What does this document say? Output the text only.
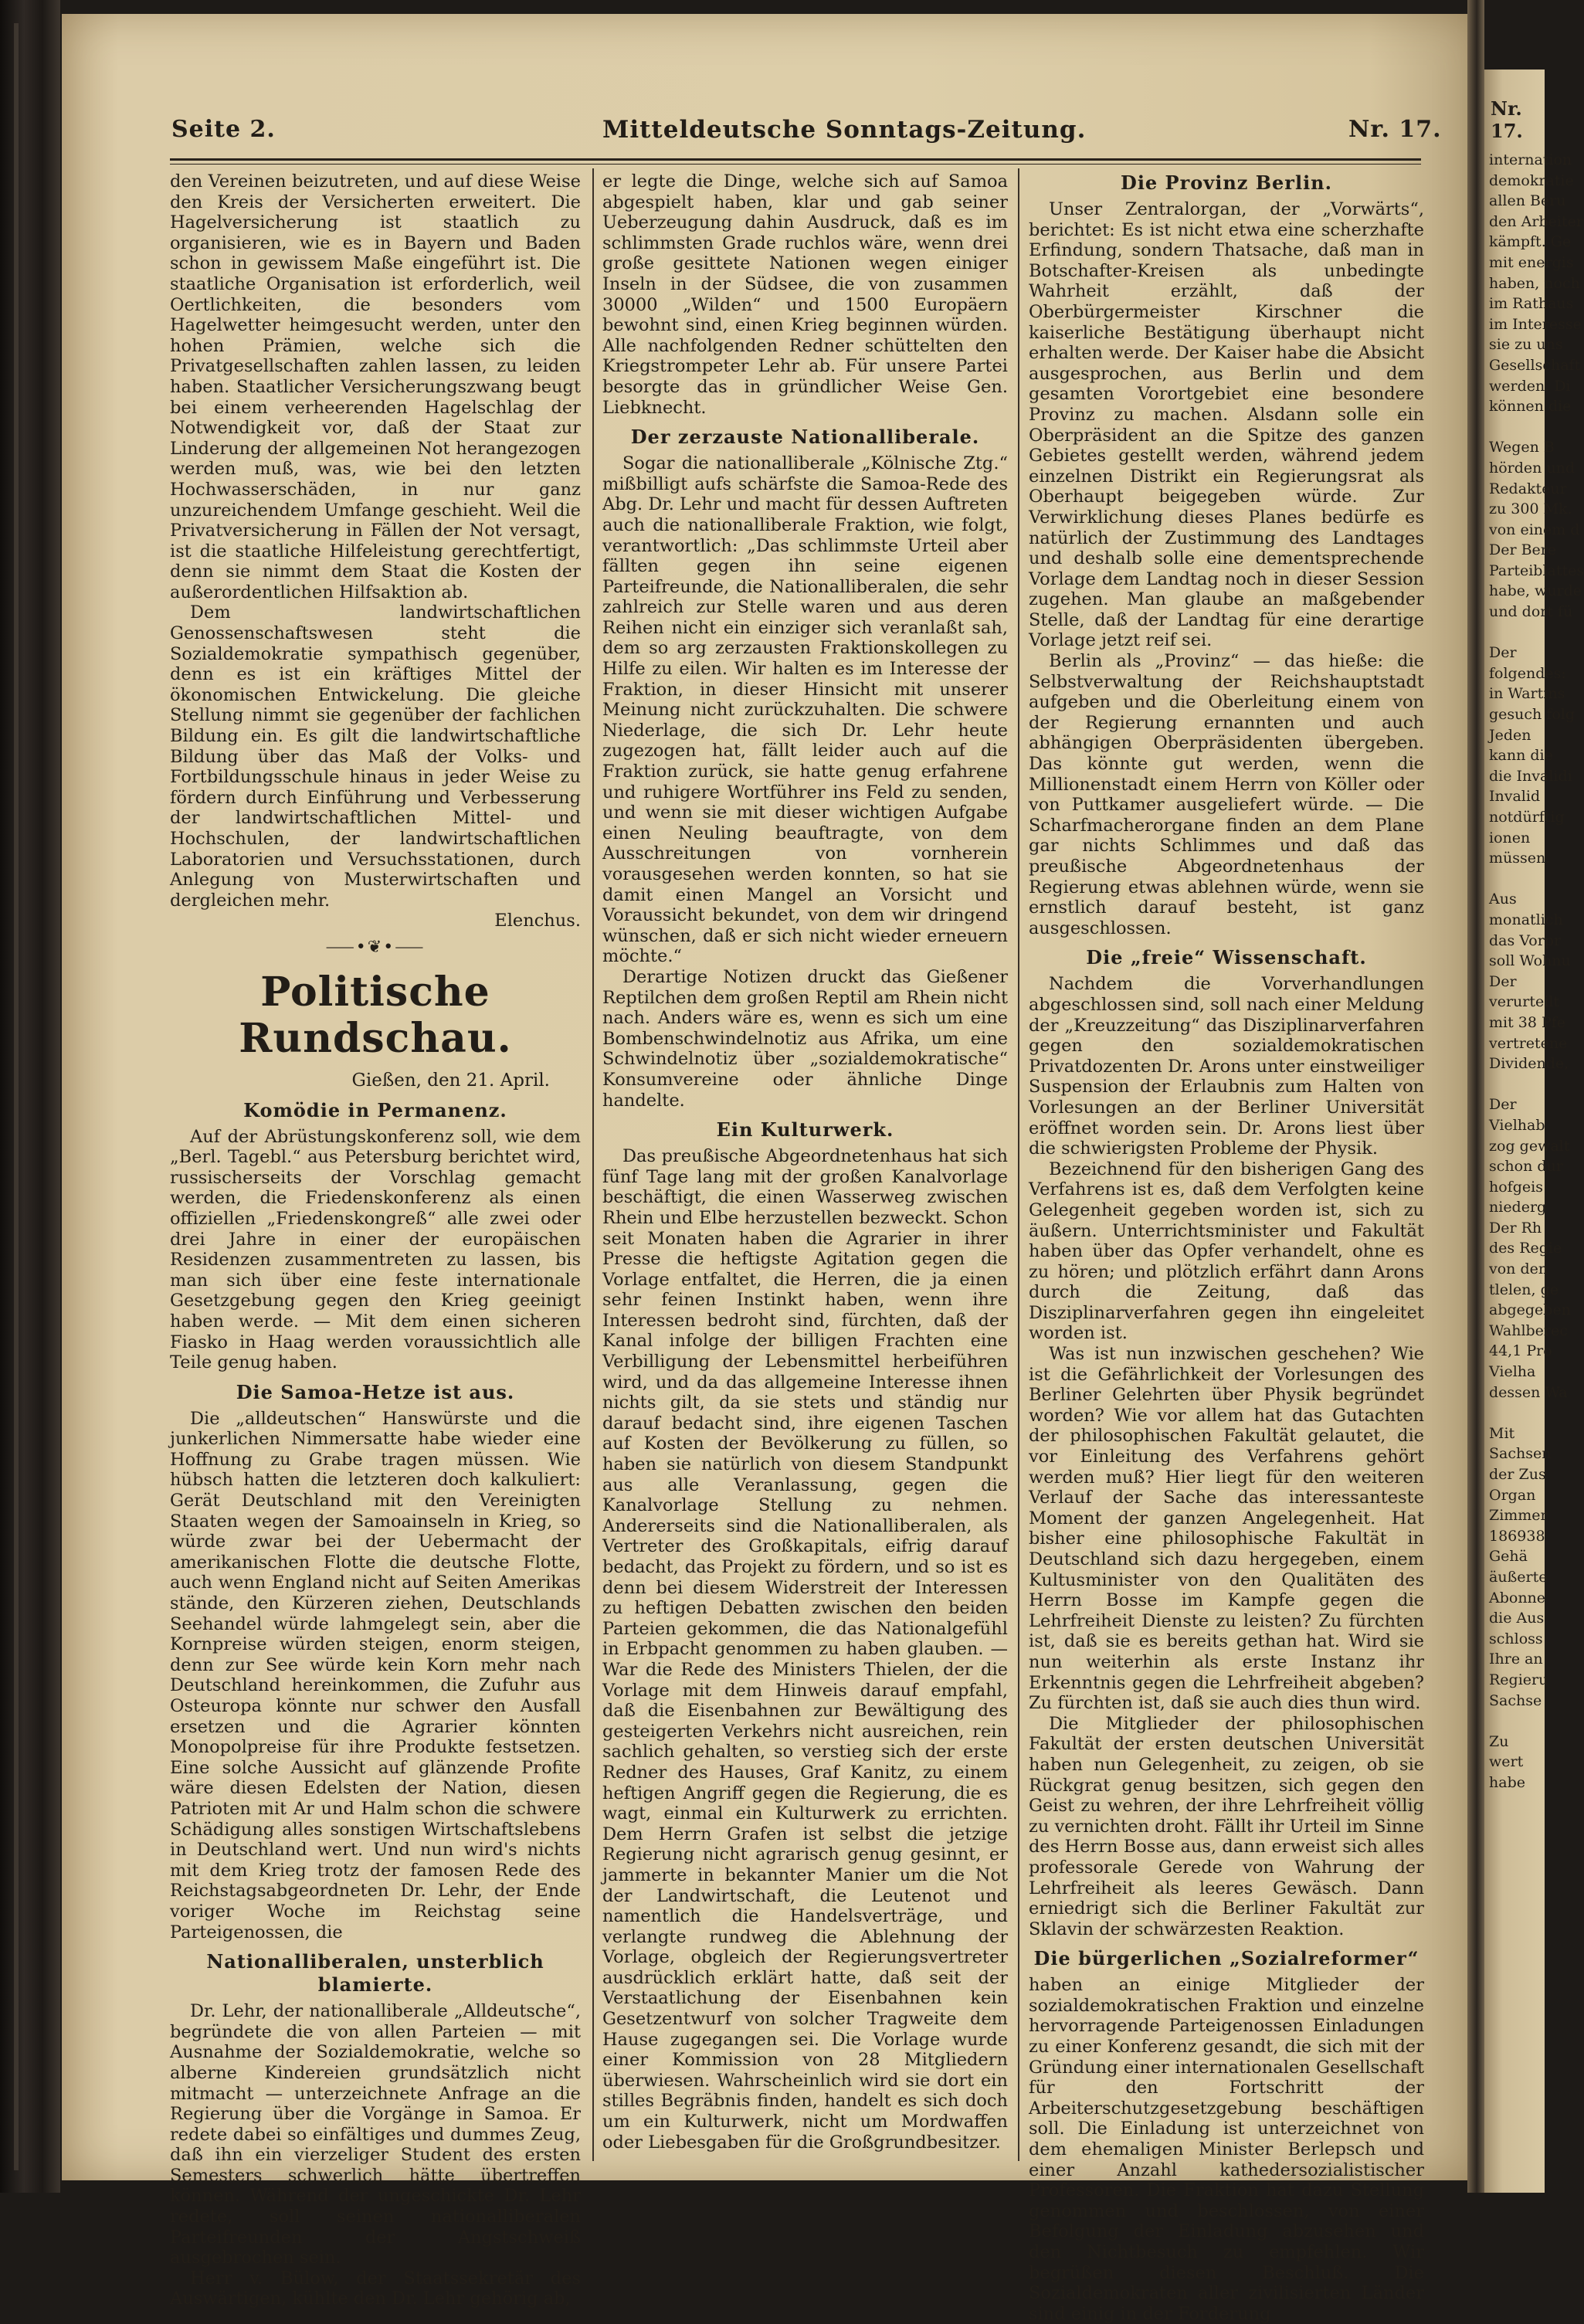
Seite 2.	Mitteldeutsche Sonntags-Zeitung.	Nr. 17.

den Vereinen beizutreten, und auf diese Weise den Kreis der Versicherten erweitert. Die Hagelversicherung ist staatlich zu organisieren, wie es in Bayern und Baden schon in gewissem Maße eingeführt ist. Die staatliche Organisation ist erforderlich, weil Oertlichkeiten, die besonders vom Hagelwetter heimgesucht werden, unter den hohen Prämien, welche sich die Privatgesellschaften zahlen lassen, zu leiden haben. Staatlicher Versicherungszwang beugt bei einem verheerenden Hagelschlag der Notwendigkeit vor, daß der Staat zur Linderung der allgemeinen Not herangezogen werden muß, was, wie bei den letzten Hochwasserschäden, in nur ganz unzureichendem Umfange geschieht. Weil die Privatversicherung in Fällen der Not versagt, ist die staatliche Hilfeleistung gerechtfertigt, denn sie nimmt dem Staat die Kosten der außerordentlichen Hilfsaktion ab.

Dem landwirtschaftlichen Genossenschaftswesen steht die Sozialdemokratie sympathisch gegenüber, denn es ist ein kräftiges Mittel der ökonomischen Entwickelung. Die gleiche Stellung nimmt sie gegenüber der fachlichen Bildung ein. Es gilt die landwirtschaftliche Bildung über das Maß der Volks- und Fortbildungsschule hinaus in jeder Weise zu fördern durch Einführung und Verbesserung der landwirtschaftlichen Mittel- und Hochschulen, der landwirtschaftlichen Laboratorien und Versuchsstationen, durch Anlegung von Musterwirtschaften und dergleichen mehr.

Elenchus.
⸺•❦•⸺
Politische Rundschau.
Gießen, den 21. April.
Komödie in Permanenz.

Auf der Abrüstungskonferenz soll, wie dem „Berl. Tagebl.“ aus Petersburg berichtet wird, russischerseits der Vorschlag gemacht werden, die Friedenskonferenz als einen offiziellen „Friedenskongreß“ alle zwei oder drei Jahre in einer der europäischen Residenzen zusammentreten zu lassen, bis man sich über eine feste internationale Gesetzgebung gegen den Krieg geeinigt haben werde. — Mit dem einen sicheren Fiasko in Haag werden voraussichtlich alle Teile genug haben.

Die Samoa-Hetze ist aus.

Die „alldeutschen“ Hanswürste und die junkerlichen Nimmersatte habe wieder eine Hoffnung zu Grabe tragen müssen. Wie hübsch hatten die letzteren doch kalkuliert: Gerät Deutschland mit den Vereinigten Staaten wegen der Samoainseln in Krieg, so würde zwar bei der Uebermacht der amerikanischen Flotte die deutsche Flotte, auch wenn England nicht auf Seiten Amerikas stände, den Kürzeren ziehen, Deutschlands Seehandel würde lahmgelegt sein, aber die Kornpreise würden steigen, enorm steigen, denn zur See würde kein Korn mehr nach Deutschland hereinkommen, die Zufuhr aus Osteuropa könnte nur schwer den Ausfall ersetzen und die Agrarier könnten Monopolpreise für ihre Produkte festsetzen. Eine solche Aussicht auf glänzende Profite wäre diesen Edelsten der Nation, diesen Patrioten mit Ar und Halm schon die schwere Schädigung alles sonstigen Wirtschaftslebens in Deutschland wert. Und nun wird's nichts mit dem Krieg trotz der famosen Rede des Reichstagsabgeordneten Dr. Lehr, der Ende voriger Woche im Reichstag seine Parteigenossen, die

Nationalliberalen, unsterblich blamierte.

Dr. Lehr, der nationalliberale „Alldeutsche“, begründete die von allen Parteien — mit Ausnahme der Sozialdemokratie, welche so alberne Kindereien grundsätzlich nicht mitmacht — unterzeichnete Anfrage an die Regierung über die Vorgänge in Samoa. Er redete dabei so einfältiges und dummes Zeug, daß ihn ein vierzeliger Student des ersten Semesters schwerlich hätte übertreffen können. Während der ungeschickte Dr. Lehr redete, soll seinen nationalliberalen Parteifreunden der Angstschweiß ausgebrochen sein.

Herr v. Bülow, der Staatssekretär des Auswärtigen, kühlte den Dr. Lehr gehörig ab,

er legte die Dinge, welche sich auf Samoa abgespielt haben, klar und gab seiner Ueberzeugung dahin Ausdruck, daß es im schlimmsten Grade ruchlos wäre, wenn drei große gesittete Nationen wegen einiger Inseln in der Südsee, die von zusammen 30000 „Wilden“ und 1500 Europäern bewohnt sind, einen Krieg beginnen würden. Alle nachfolgenden Redner schüttelten den Kriegstrompeter Lehr ab. Für unsere Partei besorgte das in gründlicher Weise Gen. Liebknecht.

Der zerzauste Nationalliberale.

Sogar die nationalliberale „Kölnische Ztg.“ mißbilligt aufs schärfste die Samoa-Rede des Abg. Dr. Lehr und macht für dessen Auftreten auch die nationalliberale Fraktion, wie folgt, verantwortlich: „Das schlimmste Urteil aber fällten gegen ihn seine eigenen Parteifreunde, die Nationalliberalen, die sehr zahlreich zur Stelle waren und aus deren Reihen nicht ein einziger sich veranlaßt sah, dem so arg zerzausten Fraktionskollegen zu Hilfe zu eilen. Wir halten es im Interesse der Fraktion, in dieser Hinsicht mit unserer Meinung nicht zurückzuhalten. Die schwere Niederlage, die sich Dr. Lehr heute zugezogen hat, fällt leider auch auf die Fraktion zurück, sie hatte genug erfahrene und ruhigere Wortführer ins Feld zu senden, und wenn sie mit dieser wichtigen Aufgabe einen Neuling beauftragte, von dem Ausschreitungen von vornherein vorausgesehen werden konnten, so hat sie damit einen Mangel an Vorsicht und Voraussicht bekundet, von dem wir dringend wünschen, daß er sich nicht wieder erneuern möchte.“

Derartige Notizen druckt das Gießener Reptilchen dem großen Reptil am Rhein nicht nach. Anders wäre es, wenn es sich um eine Bombenschwindelnotiz aus Afrika, um eine Schwindelnotiz über „sozialdemokratische“ Konsumvereine oder ähnliche Dinge handelte.

Ein Kulturwerk.

Das preußische Abgeordnetenhaus hat sich fünf Tage lang mit der großen Kanalvorlage beschäftigt, die einen Wasserweg zwischen Rhein und Elbe herzustellen bezweckt. Schon seit Monaten haben die Agrarier in ihrer Presse die heftigste Agitation gegen die Vorlage entfaltet, die Herren, die ja einen sehr feinen Instinkt haben, wenn ihre Interessen bedroht sind, fürchten, daß der Kanal infolge der billigen Frachten eine Verbilligung der Lebensmittel herbeiführen wird, und da das allgemeine Interesse ihnen nichts gilt, da sie stets und ständig nur darauf bedacht sind, ihre eigenen Taschen auf Kosten der Bevölkerung zu füllen, so haben sie natürlich von diesem Standpunkt aus alle Veranlassung, gegen die Kanalvorlage Stellung zu nehmen. Andererseits sind die Nationalliberalen, als Vertreter des Großkapitals, eifrig darauf bedacht, das Projekt zu fördern, und so ist es denn bei diesem Widerstreit der Interessen zu heftigen Debatten zwischen den beiden Parteien gekommen, die das Nationalgefühl in Erbpacht genommen zu haben glauben. — War die Rede des Ministers Thielen, der die Vorlage mit dem Hinweis darauf empfahl, daß die Eisenbahnen zur Bewältigung des gesteigerten Verkehrs nicht ausreichen, rein sachlich gehalten, so verstieg sich der erste Redner des Hauses, Graf Kanitz, zu einem heftigen Angriff gegen die Regierung, die es wagt, einmal ein Kulturwerk zu errichten. Dem Herrn Grafen ist selbst die jetzige Regierung nicht agrarisch genug gesinnt, er jammerte in bekannter Manier um die Not der Landwirtschaft, die Leutenot und namentlich die Handelsverträge, und verlangte rundweg die Ablehnung der Vorlage, obgleich der Regierungsvertreter ausdrücklich erklärt hatte, daß seit der Verstaatlichung der Eisenbahnen kein Gesetzentwurf von solcher Tragweite dem Hause zugegangen sei. Die Vorlage wurde einer Kommission von 28 Mitgliedern überwiesen. Wahrscheinlich wird sie dort ein stilles Begräbnis finden, handelt es sich doch um ein Kulturwerk, nicht um Mordwaffen oder Liebesgaben für die Großgrundbesitzer.

Die Provinz Berlin.

Unser Zentralorgan, der „Vorwärts“, berichtet: Es ist nicht etwa eine scherzhafte Erfindung, sondern Thatsache, daß man in Botschafter-Kreisen als unbedingte Wahrheit erzählt, daß der Oberbürgermeister Kirschner die kaiserliche Bestätigung überhaupt nicht erhalten werde. Der Kaiser habe die Absicht ausgesprochen, aus Berlin und dem gesamten Vorortgebiet eine besondere Provinz zu machen. Alsdann solle ein Oberpräsident an die Spitze des ganzen Gebietes gestellt werden, während jedem einzelnen Distrikt ein Regierungsrat als Oberhaupt beigegeben würde. Zur Verwirklichung dieses Planes bedürfe es natürlich der Zustimmung des Landtages und deshalb solle eine dementsprechende Vorlage dem Landtag noch in dieser Session zugehen. Man glaube an maßgebender Stelle, daß der Landtag für eine derartige Vorlage jetzt reif sei.

Berlin als „Provinz“ — das hieße: die Selbstverwaltung der Reichshauptstadt aufgeben und die Oberleitung einem von der Regierung ernannten und auch abhängigen Oberpräsidenten übergeben. Das könnte gut werden, wenn die Millionenstadt einem Herrn von Köller oder von Puttkamer ausgeliefert würde. — Die Scharfmacherorgane finden an dem Plane gar nichts Schlimmes und daß das preußische Abgeordnetenhaus der Regierung etwas ablehnen würde, wenn sie ernstlich darauf besteht, ist ganz ausgeschlossen.

Die „freie“ Wissenschaft.

Nachdem die Vorverhandlungen abgeschlossen sind, soll nach einer Meldung der „Kreuzzeitung“ das Disziplinarverfahren gegen den sozialdemokratischen Privatdozenten Dr. Arons unter einstweiliger Suspension der Erlaubnis zum Halten von Vorlesungen an der Berliner Universität eröffnet worden sein. Dr. Arons liest über die schwierigsten Probleme der Physik.

Bezeichnend für den bisherigen Gang des Verfahrens ist es, daß dem Verfolgten keine Gelegenheit gegeben worden ist, sich zu äußern. Unterrichtsminister und Fakultät haben über das Opfer verhandelt, ohne es zu hören; und plötzlich erfährt dann Arons durch die Zeitung, daß das Disziplinarverfahren gegen ihn eingeleitet worden ist.

Was ist nun inzwischen geschehen? Wie ist die Gefährlichkeit der Vorlesungen des Berliner Gelehrten über Physik begründet worden? Wie vor allem hat das Gutachten der philosophischen Fakultät gelautet, die vor Einleitung des Verfahrens gehört werden muß? Hier liegt für den weiteren Verlauf der Sache das interessanteste Moment der ganzen Angelegenheit. Hat bisher eine philosophische Fakultät in Deutschland sich dazu hergegeben, einem Kultusminister von den Qualitäten des Herrn Bosse im Kampfe gegen die Lehrfreiheit Dienste zu leisten? Zu fürchten ist, daß sie es bereits gethan hat. Wird sie nun weiterhin als erste Instanz ihr Erkenntnis gegen die Lehrfreiheit abgeben? Zu fürchten ist, daß sie auch dies thun wird.

Die Mitglieder der philosophischen Fakultät der ersten deutschen Universität haben nun Gelegenheit, zu zeigen, ob sie Rückgrat genug besitzen, sich gegen den Geist zu wehren, der ihre Lehrfreiheit völlig zu vernichten droht. Fällt ihr Urteil im Sinne des Herrn Bosse aus, dann erweist sich alles professorale Gerede von Wahrung der Lehrfreiheit als leeres Gewäsch. Dann erniedrigt sich die Berliner Fakultät zur Sklavin der schwärzesten Reaktion.

Die bürgerlichen „Sozialreformer“

haben an einige Mitglieder der sozialdemokratischen Fraktion und einzelne hervorragende Parteigenossen Einladungen zu einer Konferenz gesandt, die sich mit der Gründung einer internationalen Gesellschaft für den Fortschritt der Arbeiterschutzgesetzgebung beschäftigen soll. Die Einladung ist unterzeichnet von dem ehemaligen Minister Berlepsch und einer Anzahl kathedersozialistischer Professoren. Die Fraktion hat dazu Stellung genommen und beschlossen, von einer Befolgung der Einladung abzusehen und den Nichtbesuch zu empfehlen. Wir begrüßen diesen Beschluß. Die Sozialdemokraten aller zivilisierten Länder sind einig in der Forderung

Nr. 17.
internation
demokratie
allen Beru
den Arbeiter
kämpft. Ge
mit energis
haben, noch
im Rathaus
im Interesse
sie zu uns
Gesellschaft
werden. Di
können die

Wegen B
hörden und
Redakteur
zu 300 Mk.
von einem d
Der Bere
Parteiblattes
habe, wurde
und dort fü

Der
folgendes:
in Wartins
gesuch folg
Jeden
kann die
die Invalidi
Invalid
notdürftig
ionen
müssen.

Aus
monatlich
das Vorpr
soll Wohnu
Der
verurteilt
mit 38 Pfe
vertretene
Dividende,

Der
Vielhab
zog gewalt
schon dur
hofgeis
niederg
Der Rh
des Regie
von den
tlelen, ge
abgegeben
Wahlberec
44,1 Pro
Vielha
dessen Wa

Mit
Sachsen
der Zus
Organ
Zimmer
186938
Gehä
äußerte
Abonne
die Aus
schloss
Ihre an
Regieru
Sachse

Zu
wert
habe
